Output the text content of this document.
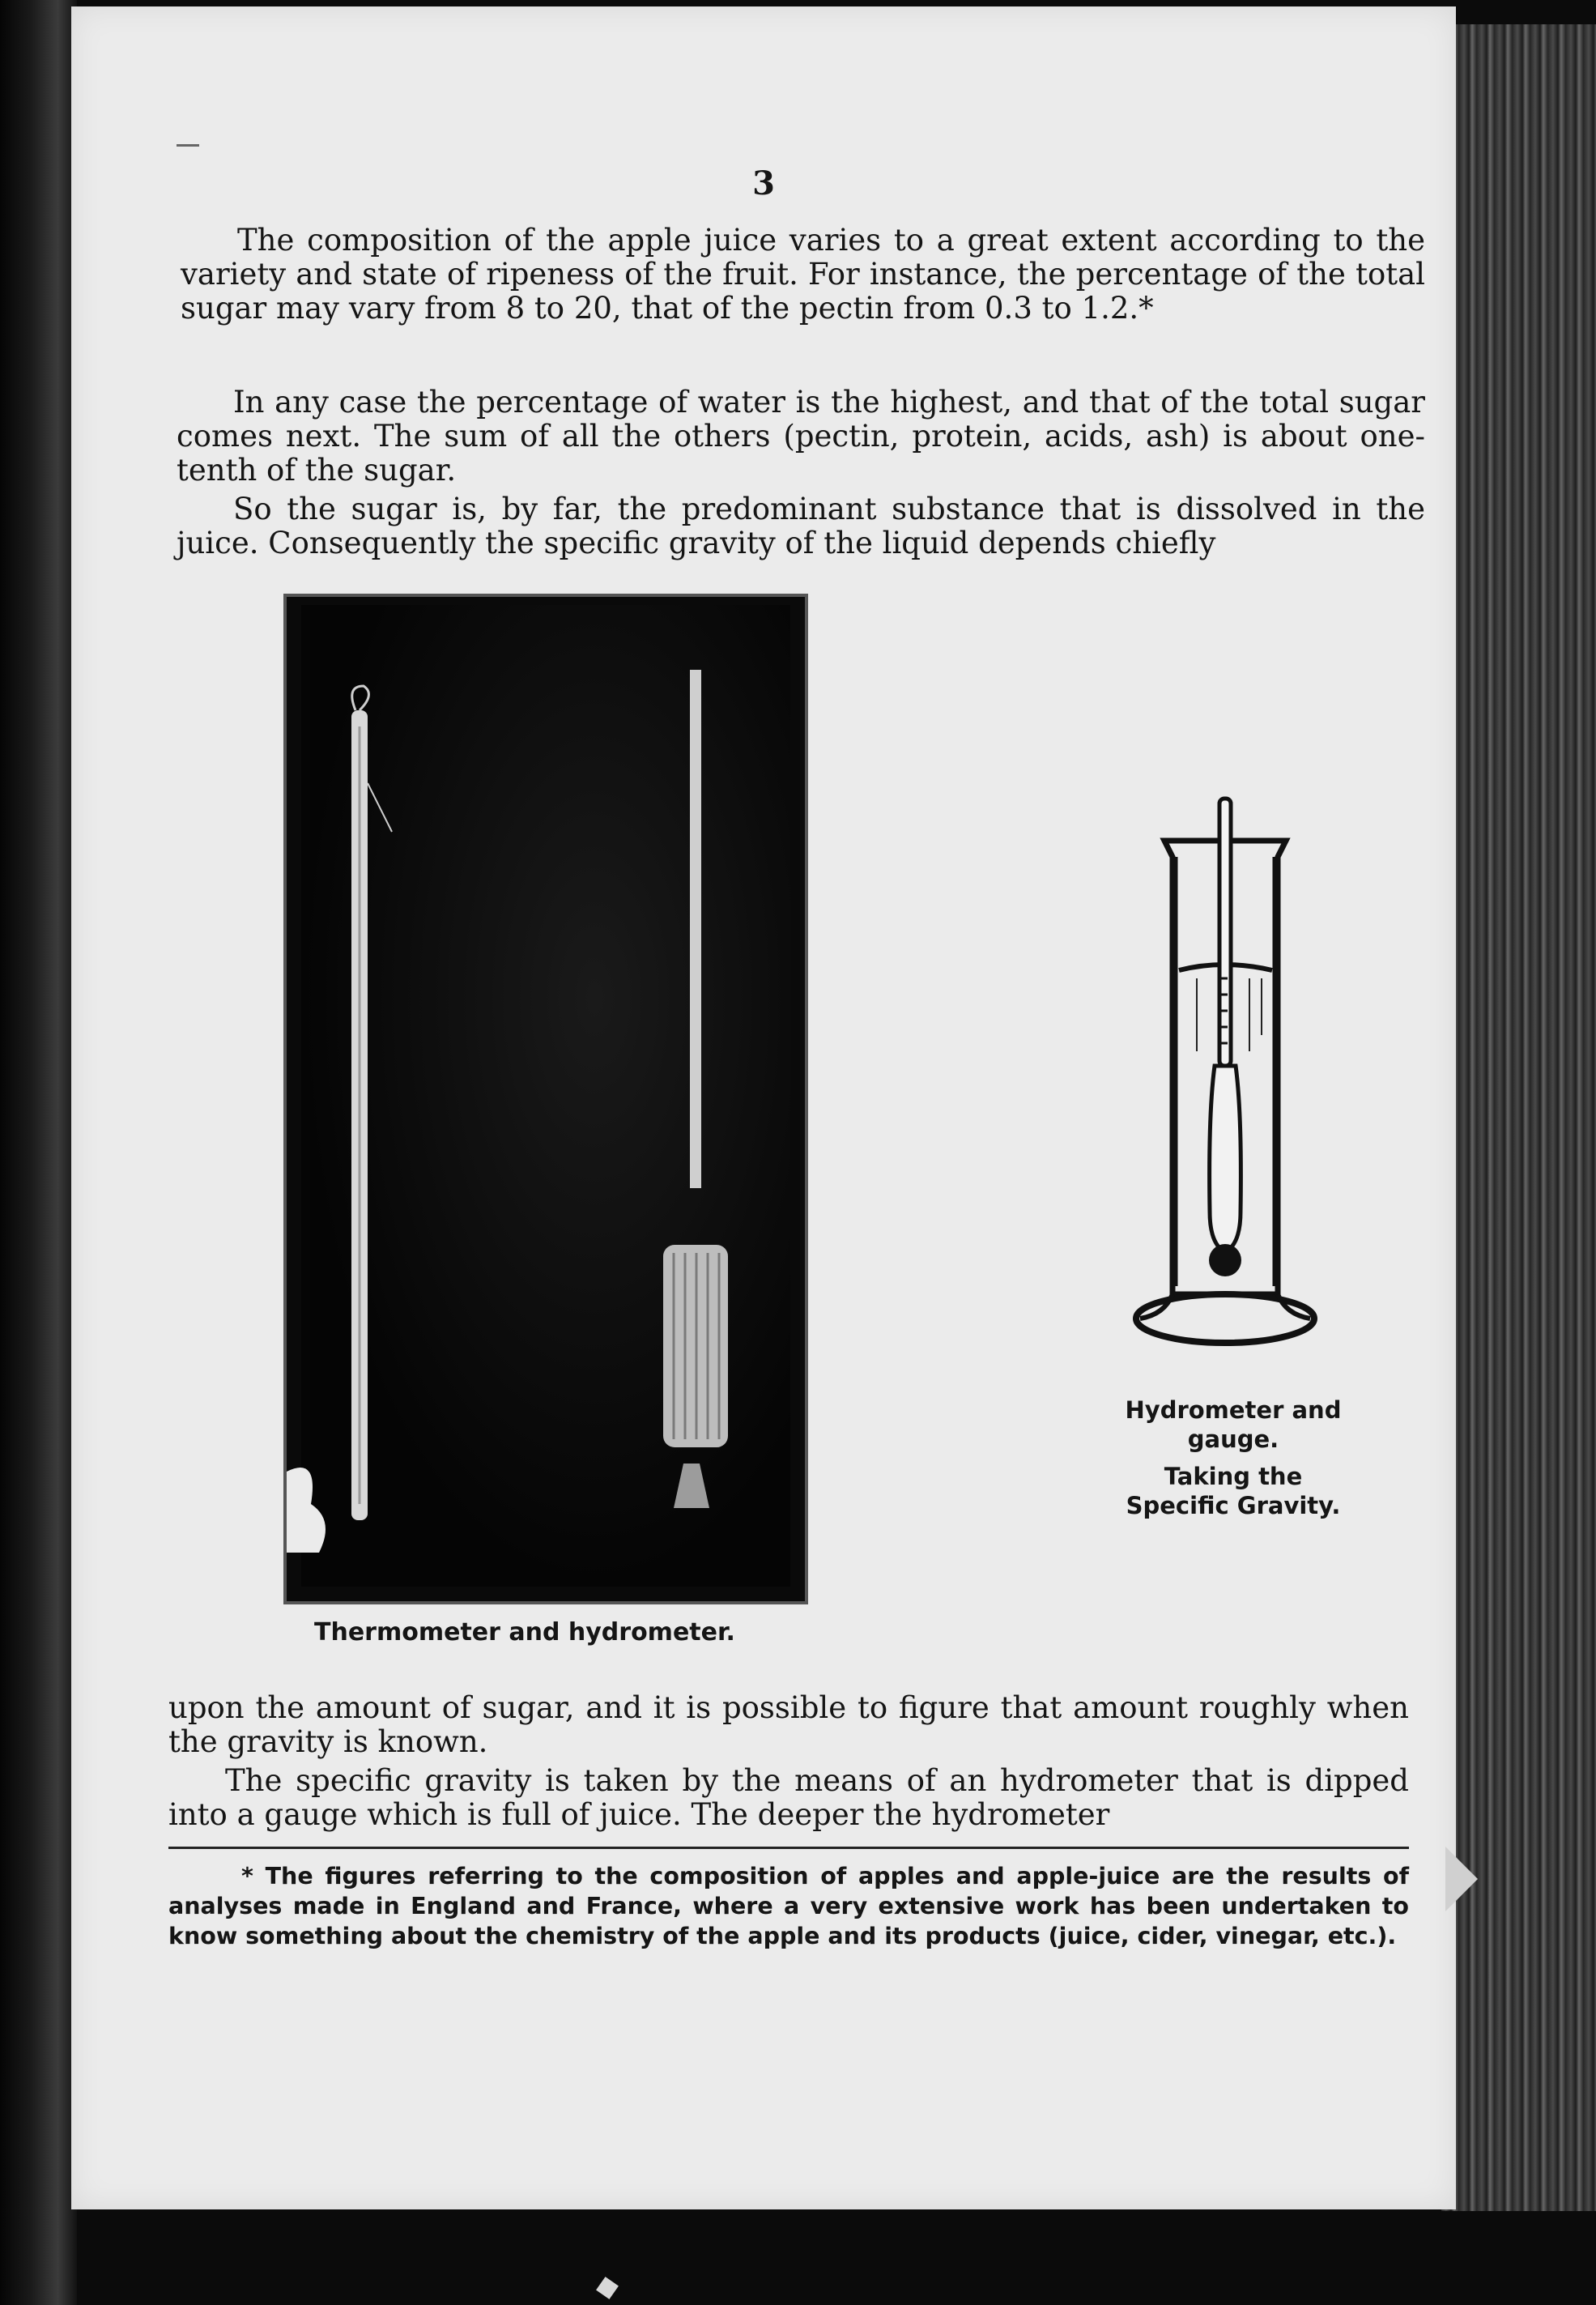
3

The composition of the apple juice varies to a great extent according to the variety and state of ripeness of the fruit. For instance, the percentage of the total sugar may vary from 8 to 20, that of the pectin from 0.3 to 1.2.*

In any case the percentage of water is the highest, and that of the total sugar comes next. The sum of all the others (pectin, protein, acids, ash) is about one-tenth of the sugar.

So the sugar is, by far, the predominant substance that is dissolved in the juice. Consequently the specific gravity of the liquid depends chiefly

Thermometer and hydrometer.
Hydrometer and gauge.
Taking the Specific Gravity.

upon the amount of sugar, and it is possible to figure that amount roughly when the gravity is known.

The specific gravity is taken by the means of an hydrometer that is dipped into a gauge which is full of juice. The deeper the hydrometer

* The figures referring to the composition of apples and apple-juice are the results of analyses made in England and France, where a very extensive work has been undertaken to know something about the chemistry of the apple and its products (juice, cider, vinegar, etc.).
